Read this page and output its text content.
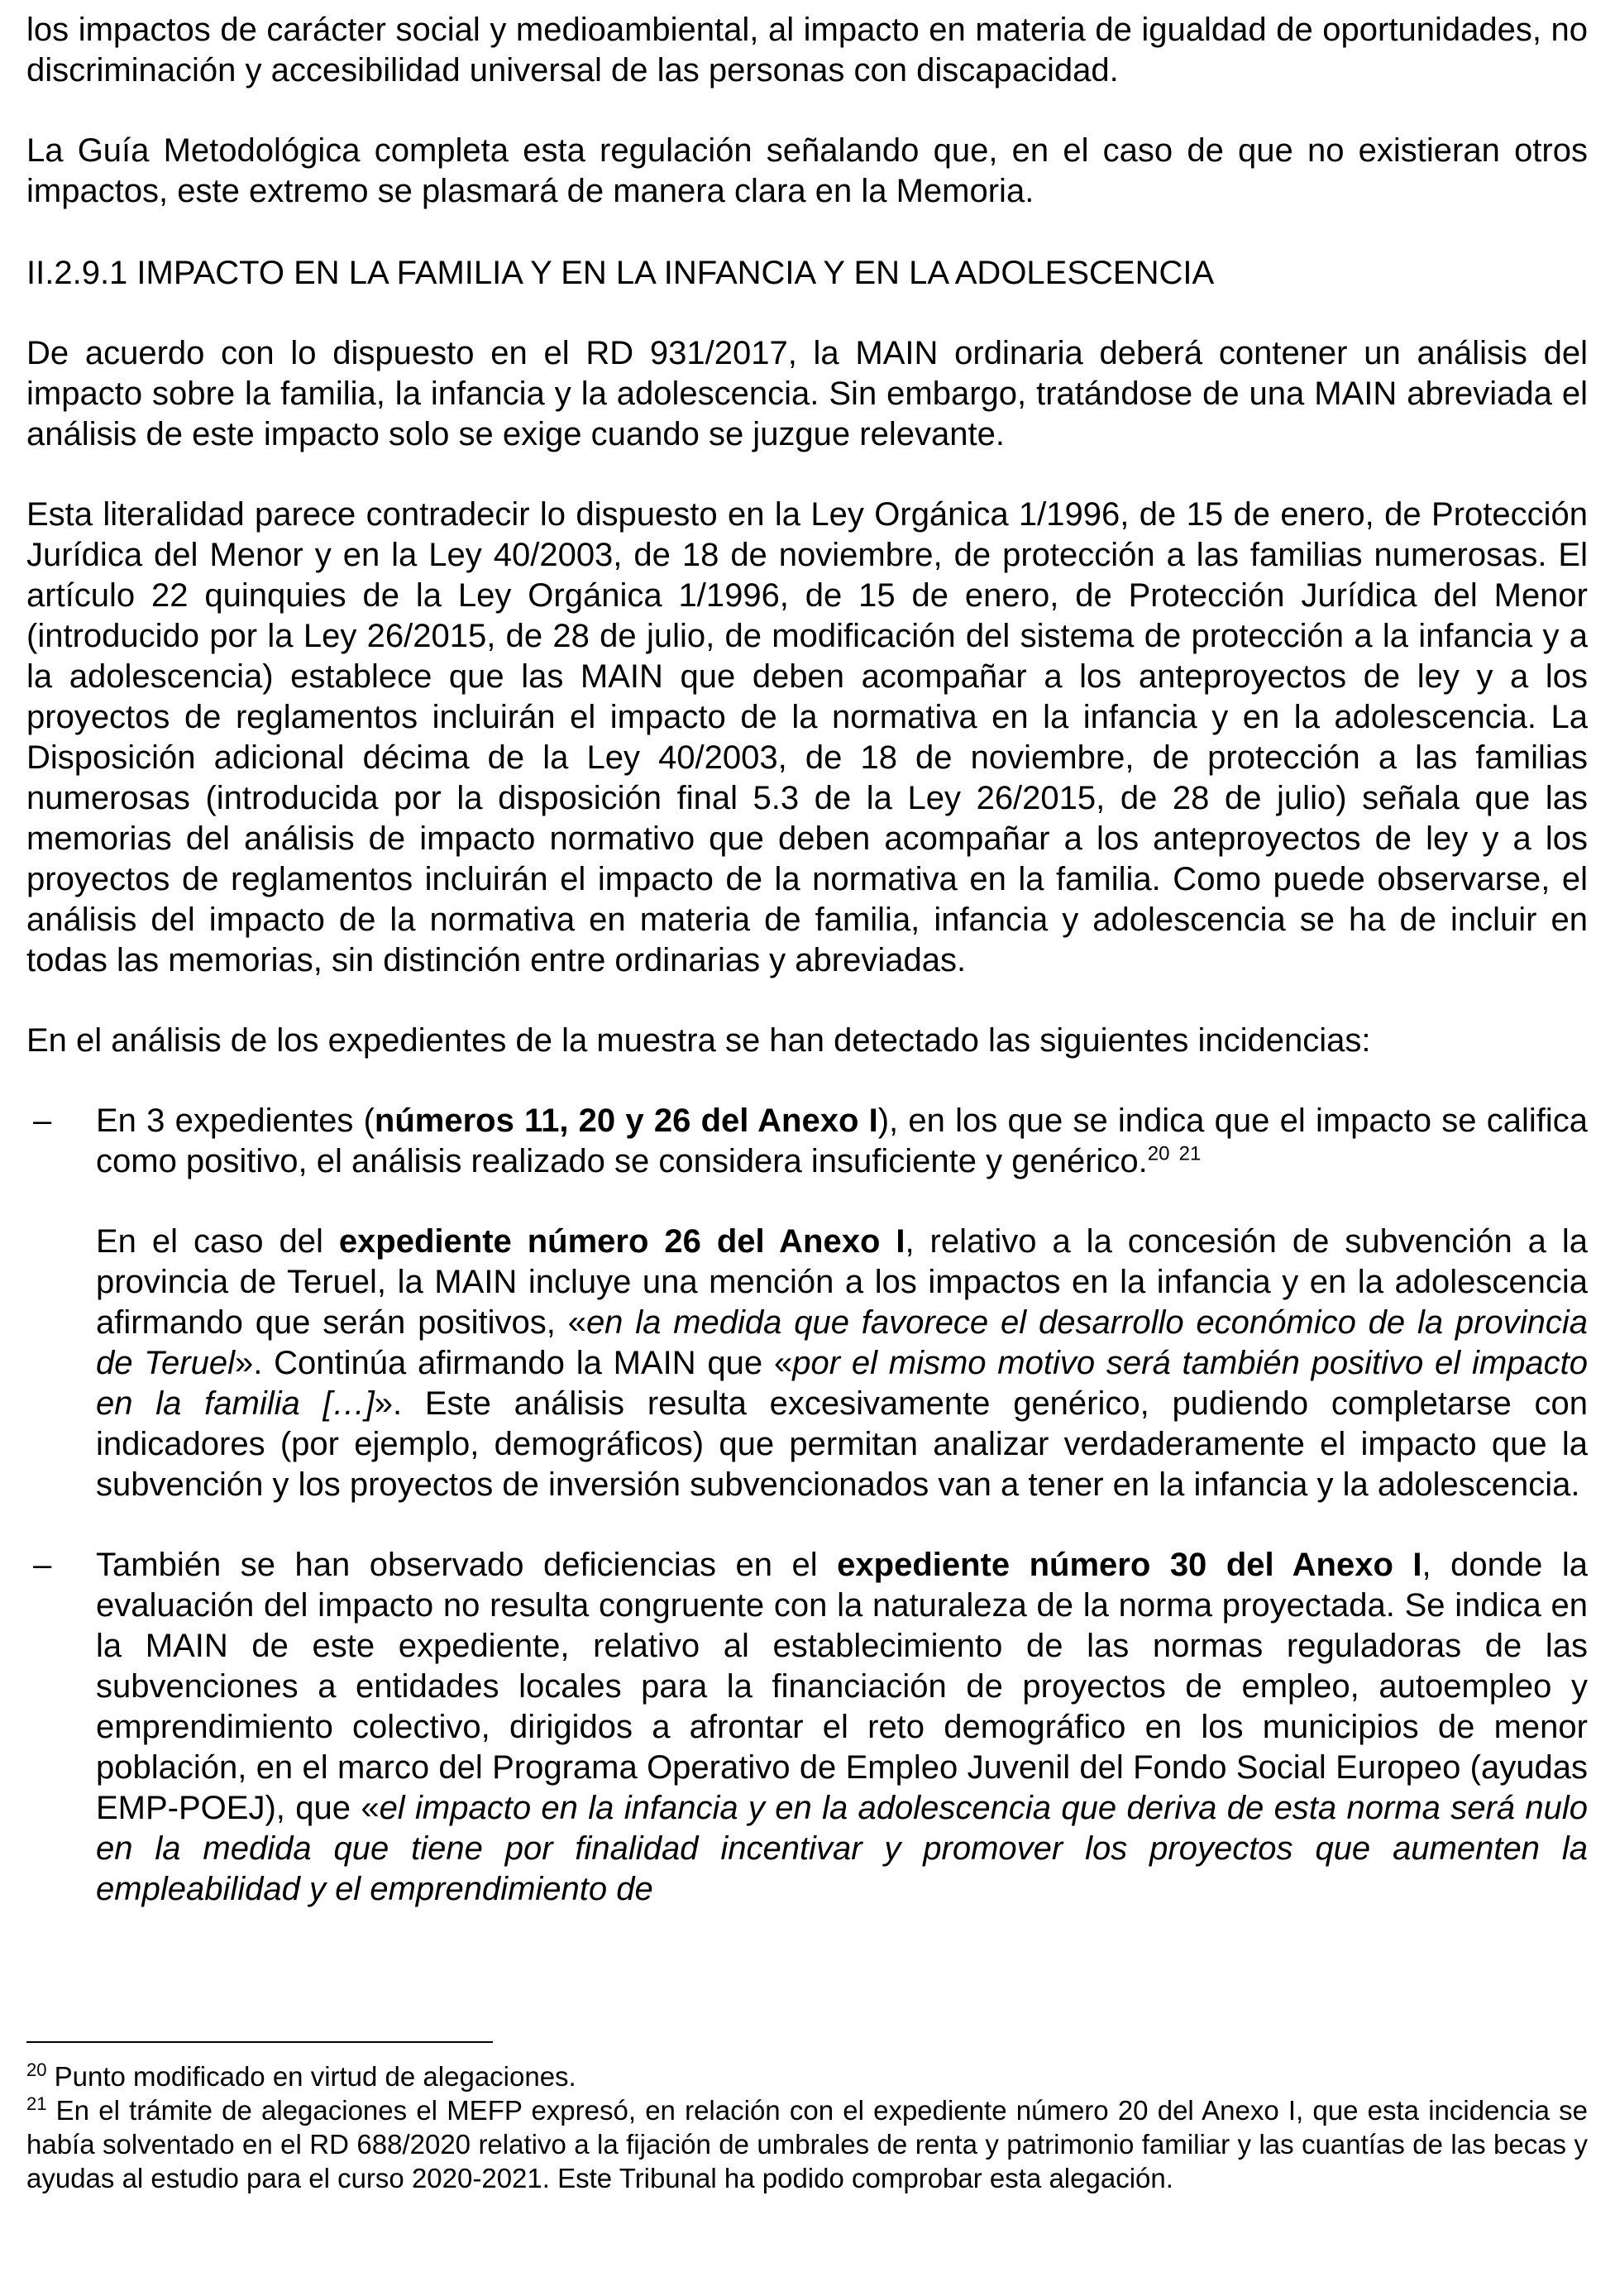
los impactos de carácter social y medioambiental, al impacto en materia de igualdad de oportunidades, no discriminación y accesibilidad universal de las personas con discapacidad.

La Guía Metodológica completa esta regulación señalando que, en el caso de que no existieran otros impactos, este extremo se plasmará de manera clara en la Memoria.

II.2.9.1 IMPACTO EN LA FAMILIA Y EN LA INFANCIA Y EN LA ADOLESCENCIA

De acuerdo con lo dispuesto en el RD 931/2017, la MAIN ordinaria deberá contener un análisis del impacto sobre la familia, la infancia y la adolescencia. Sin embargo, tratándose de una MAIN abreviada el análisis de este impacto solo se exige cuando se juzgue relevante.

Esta literalidad parece contradecir lo dispuesto en la Ley Orgánica 1/1996, de 15 de enero, de Protección Jurídica del Menor y en la Ley 40/2003, de 18 de noviembre, de protección a las familias numerosas. El artículo 22 quinquies de la Ley Orgánica 1/1996, de 15 de enero, de Protección Jurídica del Menor (introducido por la Ley 26/2015, de 28 de julio, de modificación del sistema de protección a la infancia y a la adolescencia) establece que las MAIN que deben acompañar a los anteproyectos de ley y a los proyectos de reglamentos incluirán el impacto de la normativa en la infancia y en la adolescencia. La Disposición adicional décima de la Ley 40/2003, de 18 de noviembre, de protección a las familias numerosas (introducida por la disposición final 5.3 de la Ley 26/2015, de 28 de julio) señala que las memorias del análisis de impacto normativo que deben acompañar a los anteproyectos de ley y a los proyectos de reglamentos incluirán el impacto de la normativa en la familia. Como puede observarse, el análisis del impacto de la normativa en materia de familia, infancia y adolescencia se ha de incluir en todas las memorias, sin distinción entre ordinarias y abreviadas.

En el análisis de los expedientes de la muestra se han detectado las siguientes incidencias:

– En 3 expedientes (números 11, 20 y 26 del Anexo I), en los que se indica que el impacto se califica como positivo, el análisis realizado se considera insuficiente y genérico.$^{20}$ $^{21}$

En el caso del expediente número 26 del Anexo I, relativo a la concesión de subvención a la provincia de Teruel, la MAIN incluye una mención a los impactos en la infancia y en la adolescencia afirmando que serán positivos, «en la medida que favorece el desarrollo económico de la provincia de Teruel». Continúa afirmando la MAIN que «por el mismo motivo será también positivo el impacto en la familia […]». Este análisis resulta excesivamente genérico, pudiendo completarse con indicadores (por ejemplo, demográficos) que permitan analizar verdaderamente el impacto que la subvención y los proyectos de inversión subvencionados van a tener en la infancia y la adolescencia.

– También se han observado deficiencias en el expediente número 30 del Anexo I, donde la evaluación del impacto no resulta congruente con la naturaleza de la norma proyectada. Se indica en la MAIN de este expediente, relativo al establecimiento de las normas reguladoras de las subvenciones a entidades locales para la financiación de proyectos de empleo, autoempleo y emprendimiento colectivo, dirigidos a afrontar el reto demográfico en los municipios de menor población, en el marco del Programa Operativo de Empleo Juvenil del Fondo Social Europeo (ayudas EMP-POEJ), que «el impacto en la infancia y en la adolescencia que deriva de esta norma será nulo en la medida que tiene por finalidad incentivar y promover los proyectos que aumenten la empleabilidad y el emprendimiento de

$^{20}$ Punto modificado en virtud de alegaciones.

$^{21}$ En el trámite de alegaciones el MEFP expresó, en relación con el expediente número 20 del Anexo I, que esta incidencia se había solventado en el RD 688/2020 relativo a la fijación de umbrales de renta y patrimonio familiar y las cuantías de las becas y ayudas al estudio para el curso 2020-2021. Este Tribunal ha podido comprobar esta alegación.
